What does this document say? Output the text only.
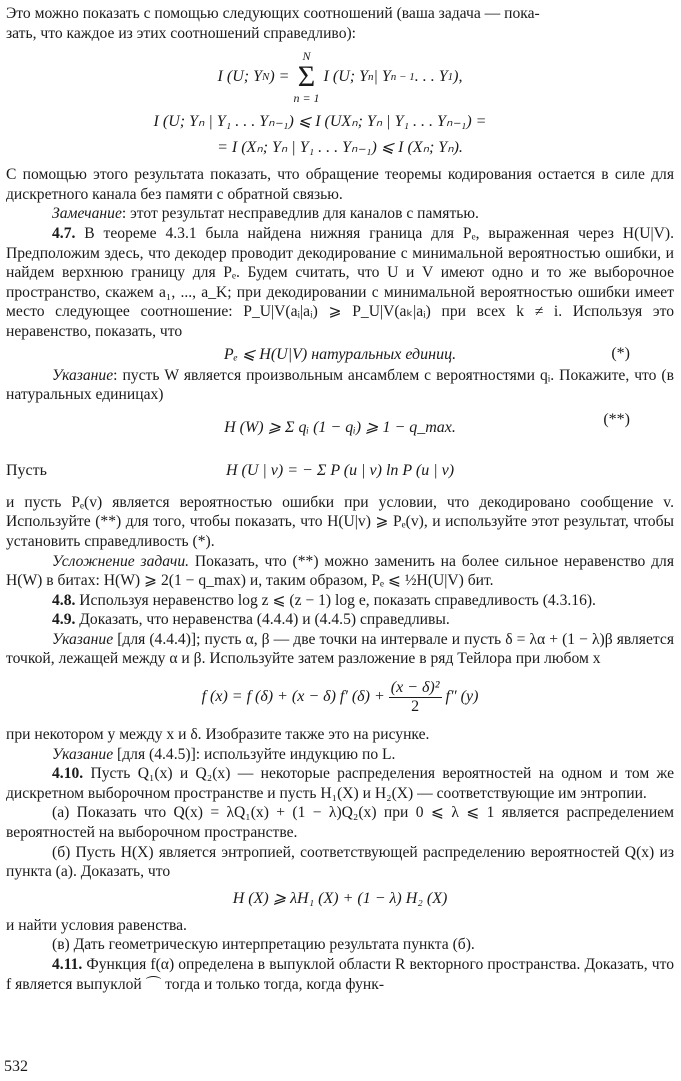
Это можно показать с помощью следующих соотношений (ваша задача — пока-

зать, что каждое из этих соотношений справедливо):

I (U; Y N ) =
N
Σ
n = 1
I (U; Y n | Y n − 1 . . . Y 1 ),

I (U; Yₙ | Y₁ . . . Yₙ₋₁) ⩽ I (UXₙ; Yₙ | Y₁ . . . Yₙ₋₁) =

= I (Xₙ; Yₙ | Y₁ . . . Yₙ₋₁) ⩽ I (Xₙ; Yₙ).

С помощью этого результата показать, что обращение теоремы кодирования остается в силе для дискретного канала без памяти с обратной связью.

Замечание: этот результат несправедлив для каналов с памятью.

4.7. В теореме 4.3.1 была найдена нижняя граница для Pₑ, выраженная через H(U|V). Предположим здесь, что декодер проводит декодирование с минимальной вероятностью ошибки, и найдем верхнюю границу для Pₑ. Будем считать, что U и V имеют одно и то же выборочное пространство, скажем a₁, ..., a_K; при декодировании с минимальной вероятностью ошибки имеет место следующее соотношение: P_U|V(aᵢ|aᵢ) ⩾ P_U|V(aₖ|aᵢ) при всех k ≠ i. Используя это неравенство, показать, что

Pₑ ⩽ H(U|V) натуральных единиц.	(*)

Указание: пусть W является произвольным ансамблем с вероятностями qᵢ. Покажите, что (в натуральных единицах)

H (W) ⩾ Σ qᵢ (1 − qᵢ) ⩾ 1 − q_max.	(**)
Пусть	H (U | v) = − Σ P (u | v) ln P (u | v)

и пусть Pₑ(v) является вероятностью ошибки при условии, что декодировано сообщение v. Используйте (**) для того, чтобы показать, что H(U|v) ⩾ Pₑ(v), и используйте этот результат, чтобы установить справедливость (*).

Усложнение задачи. Показать, что (**) можно заменить на более сильное неравенство для H(W) в битах: H(W) ⩾ 2(1 − q_max) и, таким образом, Pₑ ⩽ ½H(U|V) бит.

4.8. Используя неравенство log z ⩽ (z − 1) log e, показать справедливость (4.3.16).

4.9. Доказать, что неравенства (4.4.4) и (4.4.5) справедливы.

Указание [для (4.4.4)]; пусть α, β — две точки на интервале и пусть δ = λα + (1 − λ)β является точкой, лежащей между α и β. Используйте затем разложение в ряд Тейлора при любом x

f (x) = f (δ) + (x − δ) f′ $(\delta) + \frac{\text{(x − δ)²}}{2} f''$ (y)

при некотором y между x и δ. Изобразите также это на рисунке.

Указание [для (4.4.5)]: используйте индукцию по L.

4.10. Пусть Q₁(x) и Q₂(x) — некоторые распределения вероятностей на одном и том же дискретном выборочном пространстве и пусть H₁(X) и H₂(X) — соответствующие им энтропии.

(а) Показать что Q(x) = λQ₁(x) + (1 − λ)Q₂(x) при 0 ⩽ λ ⩽ 1 является распределением вероятностей на выборочном пространстве.

(б) Пусть H(X) является энтропией, соответствующей распределению вероятностей Q(x) из пункта (а). Доказать, что

H (X) ⩾ λH₁ (X) + (1 − λ) H₂ (X)

и найти условия равенства.

(в) Дать геометрическую интерпретацию результата пункта (б).

4.11. Функция f(α) определена в выпуклой области R векторного пространства. Доказать, что f является выпуклой ⌒ тогда и только тогда, когда функ-

532
